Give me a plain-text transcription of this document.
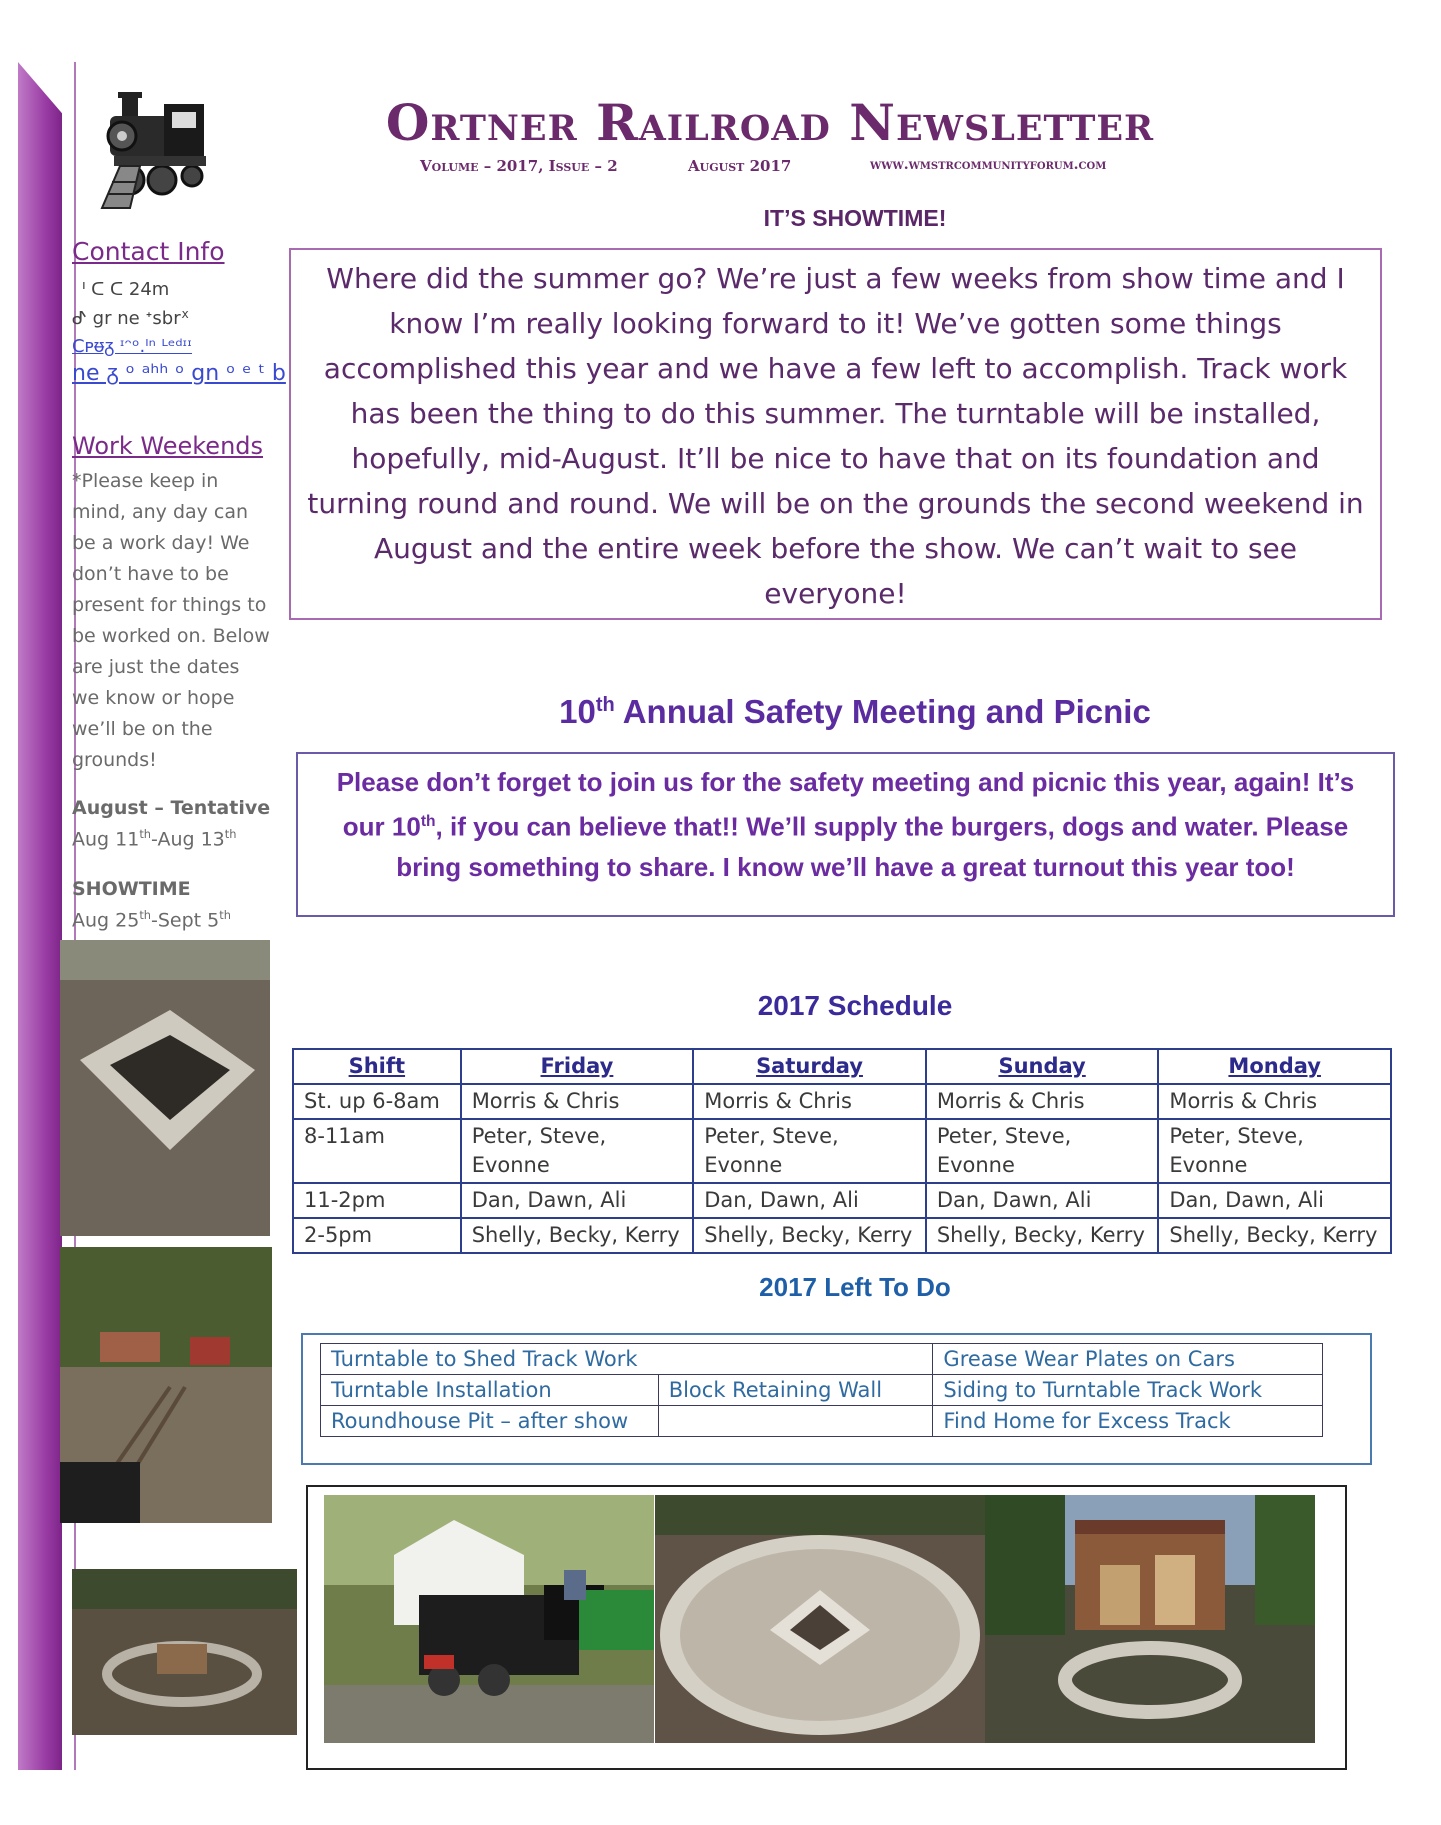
Ortner Railroad Newsletter
Volume – 2017, Issue – 2	August 2017	www.wmstrcommunityforum.com
IT’S SHOWTIME!
Where did the summer go? We’re just a few weeks from show time and I know I’m really looking forward to it! We’ve gotten some things accomplished this year and we have a few left to accomplish. Track work has been the thing to do this summer. The turntable will be installed, hopefully, mid-August. It’ll be nice to have that on its foundation and turning round and round. We will be on the grounds the second weekend in August and the entire week before the show. We can’t wait to see everyone!
10th Annual Safety Meeting and Picnic
Please don’t forget to join us for the safety meeting and picnic this year, again! It’s
our 10th, if you can believe that!! We’ll supply the burgers, dogs and water. Please
bring something to share. I know we’ll have a great turnout this year too!
2017 Schedule
Shift	Friday	Saturday	Sunday	Monday
St. up 6-8am	Morris & Chris	Morris & Chris	Morris & Chris	Morris & Chris
8-11am	Peter, Steve, Evonne	Peter, Steve, Evonne	Peter, Steve, Evonne	Peter, Steve, Evonne
11-2pm	Dan, Dawn, Ali	Dan, Dawn, Ali	Dan, Dawn, Ali	Dan, Dawn, Ali
2-5pm	Shelly, Becky, Kerry	Shelly, Becky, Kerry	Shelly, Becky, Kerry	Shelly, Becky, Kerry
2017 Left To Do
Turntable to Shed Track Work		Grease Wear Plates on Cars
Turntable Installation	Block Retaining Wall	Siding to Turntable Track Work
Roundhouse Pit – after show		Find Home for Excess Track
Contact Info
ᑊ ᑕ ᑕ 24m
ᕷ gr ne ᐩsbrᕽ
Cᴩᵿᵹ ᶦᵔᵒ.ᴵⁿ ᴸᵉᵈᶦᶦ
ne ᵹ ᵒ ᵃʰʰ ᵒ gn ᵒ ᵉ ᵗ b
Work Weekends
*Please keep in mind, any day can be a work day! We don’t have to be present for things to be worked on. Below are just the dates we know or hope we’ll be on the grounds!
August – Tentative
Aug 11th-Aug 13th
SHOWTIME
Aug 25th-Sept 5th
